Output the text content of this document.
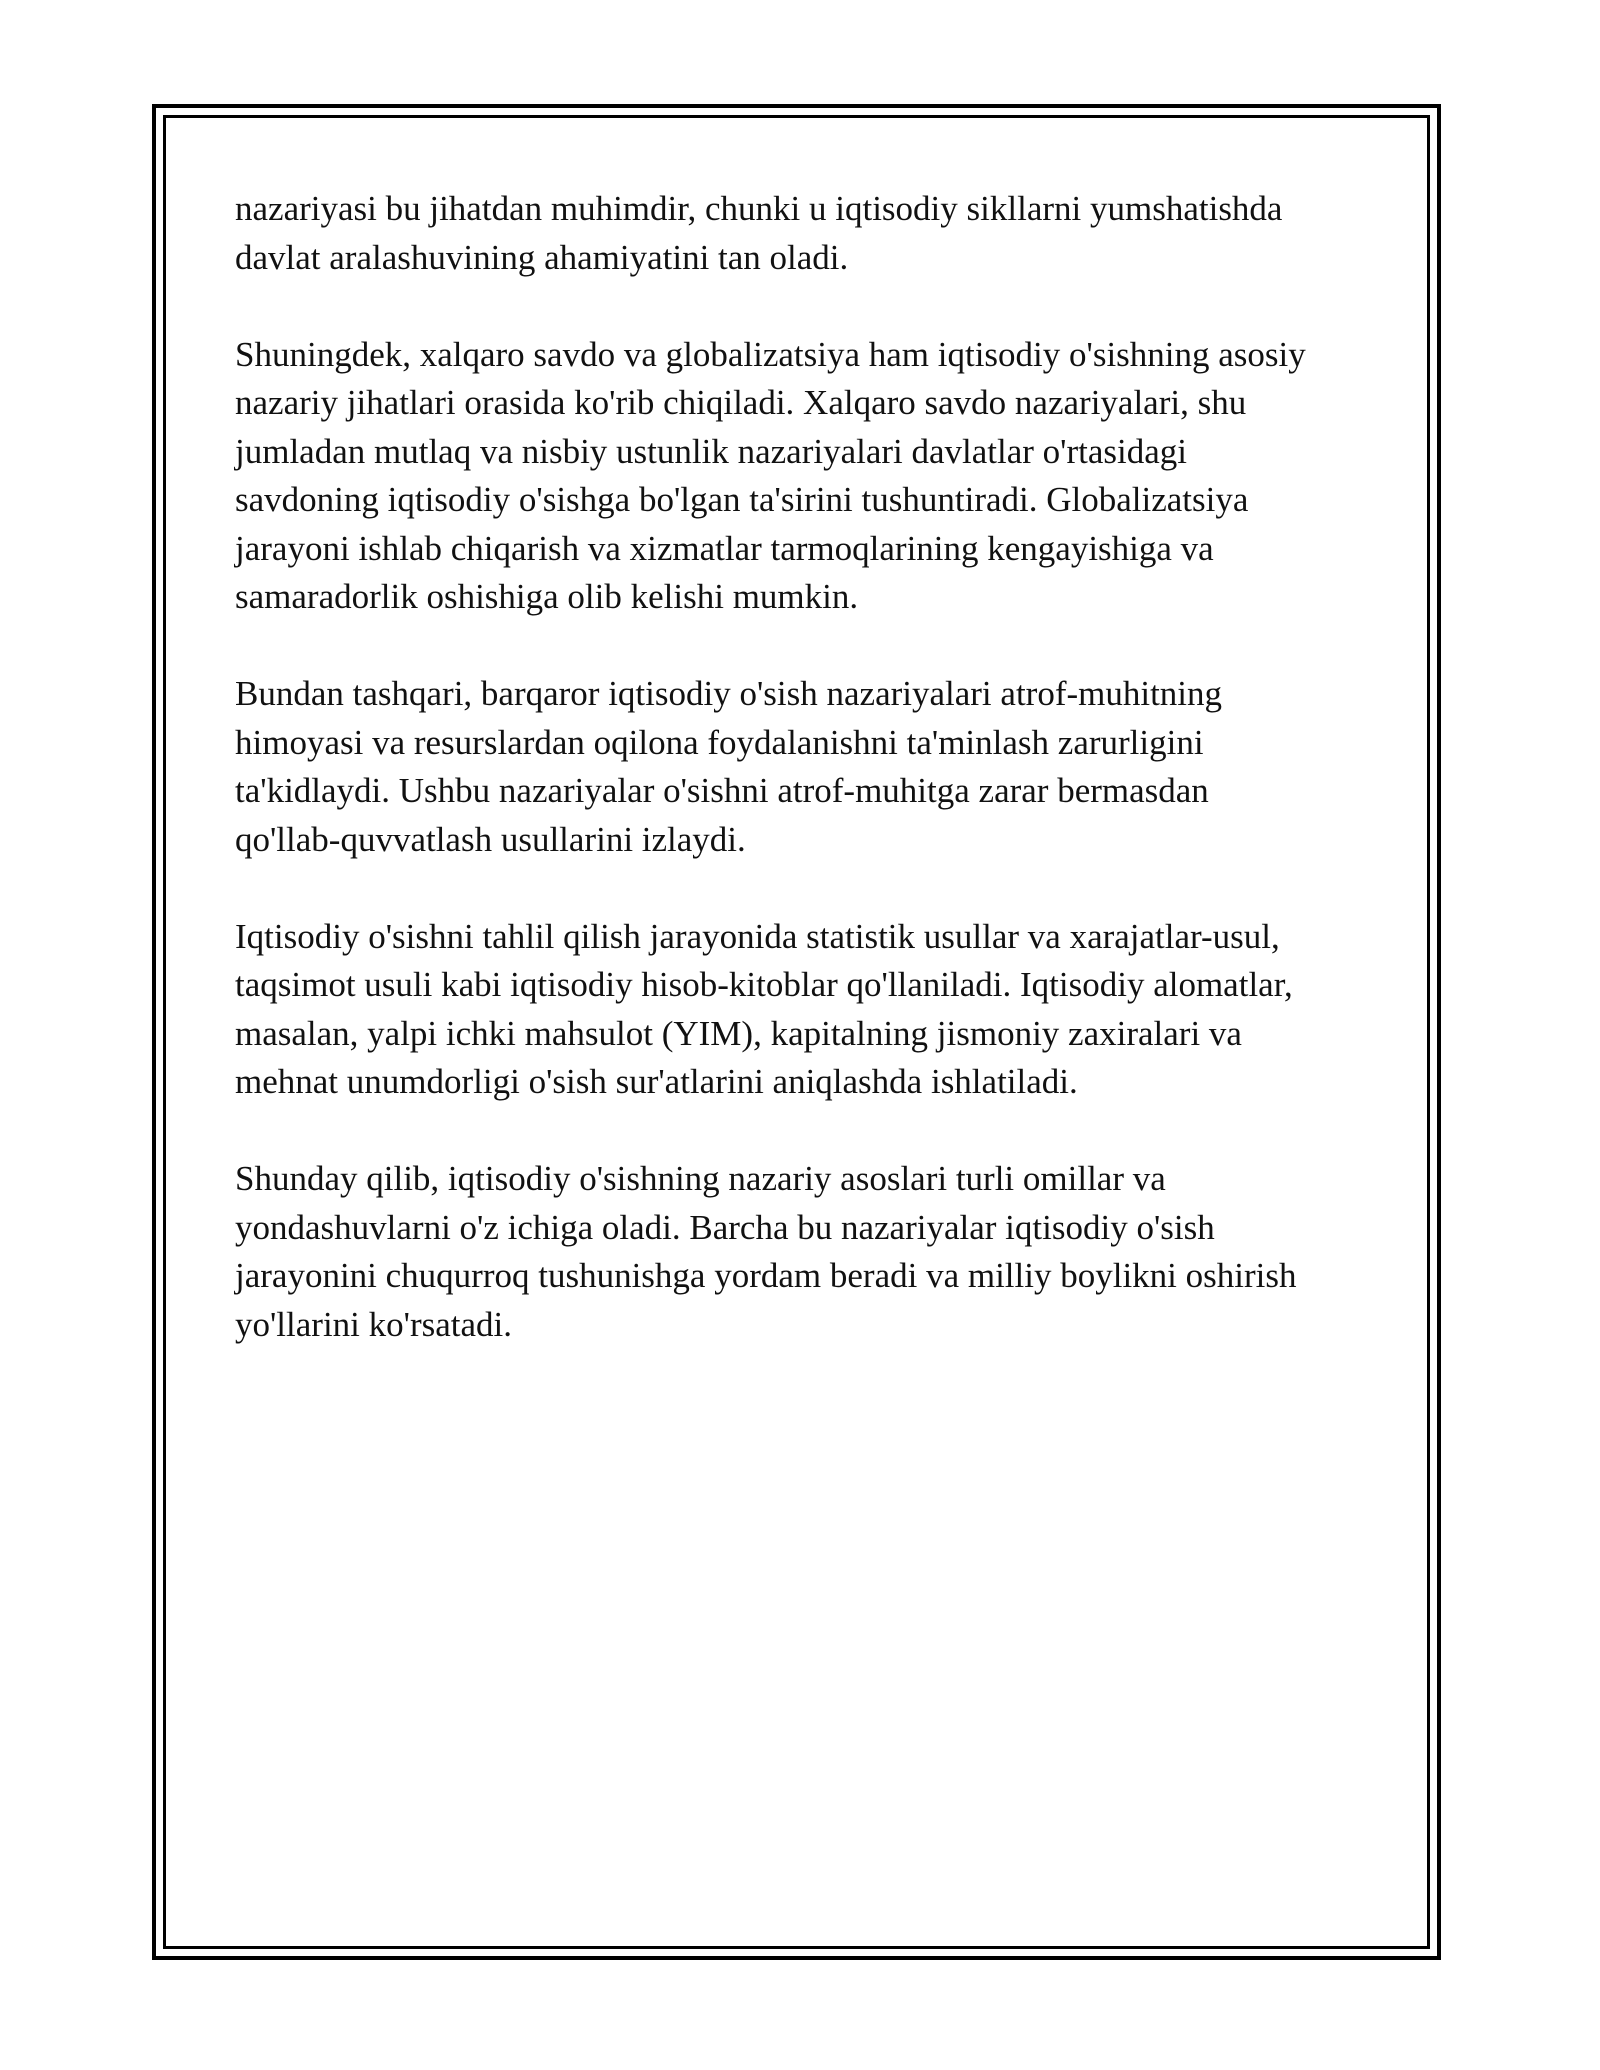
nazariyasi bu jihatdan muhimdir, chunki u iqtisodiy sikllarni yumshatishda
davlat aralashuvining ahamiyatini tan oladi.

Shuningdek, xalqaro savdo va globalizatsiya ham iqtisodiy o'sishning asosiy
nazariy jihatlari orasida ko'rib chiqiladi. Xalqaro savdo nazariyalari, shu
jumladan mutlaq va nisbiy ustunlik nazariyalari davlatlar o'rtasidagi
savdoning iqtisodiy o'sishga bo'lgan ta'sirini tushuntiradi. Globalizatsiya
jarayoni ishlab chiqarish va xizmatlar tarmoqlarining kengayishiga va
samaradorlik oshishiga olib kelishi mumkin.

Bundan tashqari, barqaror iqtisodiy o'sish nazariyalari atrof-muhitning
himoyasi va resurslardan oqilona foydalanishni ta'minlash zarurligini
ta'kidlaydi. Ushbu nazariyalar o'sishni atrof-muhitga zarar bermasdan
qo'llab-quvvatlash usullarini izlaydi.

Iqtisodiy o'sishni tahlil qilish jarayonida statistik usullar va xarajatlar-usul,
taqsimot usuli kabi iqtisodiy hisob-kitoblar qo'llaniladi. Iqtisodiy alomatlar,
masalan, yalpi ichki mahsulot (YIM), kapitalning jismoniy zaxiralari va
mehnat unumdorligi o'sish sur'atlarini aniqlashda ishlatiladi.

Shunday qilib, iqtisodiy o'sishning nazariy asoslari turli omillar va
yondashuvlarni o'z ichiga oladi. Barcha bu nazariyalar iqtisodiy o'sish
jarayonini chuqurroq tushunishga yordam beradi va milliy boylikni oshirish
yo'llarini ko'rsatadi.
